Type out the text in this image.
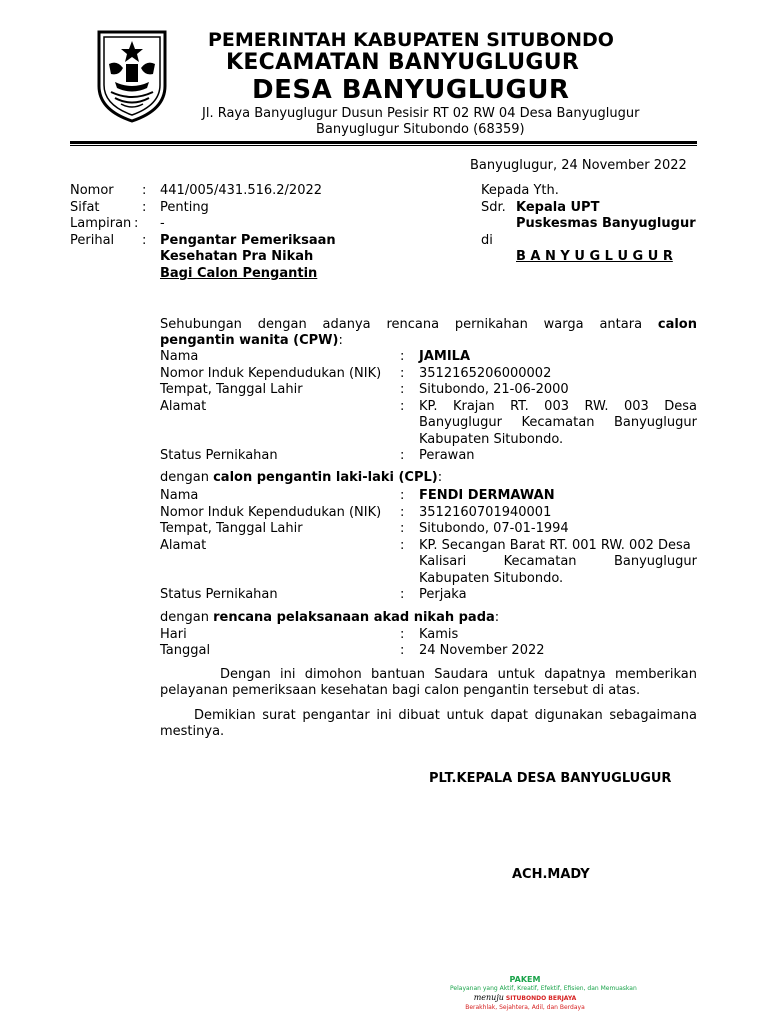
PEMERINTAH KABUPATEN SITUBONDO
KECAMATAN BANYUGLUGUR
DESA BANYUGLUGUR
Jl. Raya Banyuglugur Dusun Pesisir RT 02 RW 04 Desa Banyuglugur
Banyuglugur Situbondo (68359)
Banyuglugur, 24 November 2022
Nomor : 441/005/431.516.2/2022
Sifat	: Penting
Lampiran : -
Perihal : Pengantar Pemeriksaan
Kesehatan Pra Nikah
Bagi Calon Pengantin
Kepada Yth.
Sdr. Kepala UPT
Puskesmas Banyuglugur
di
B A N Y U G L U G U R
Sehubungan dengan adanya rencana pernikahan warga antara calon
pengantin wanita (CPW):
Nama	: JAMILA
Nomor Induk Kependudukan (NIK) : 3512165206000002
Tempat, Tanggal Lahir	: Situbondo, 21-06-2000
Alamat	: KP. Krajan RT. 003 RW. 003 Desa
Banyuglugur Kecamatan Banyuglugur
Kabupaten Situbondo.
Status Pernikahan	: Perawan
dengan calon pengantin laki-laki (CPL):
Nama	: FENDI DERMAWAN
Nomor Induk Kependudukan (NIK) : 3512160701940001
Tempat, Tanggal Lahir	: Situbondo, 07-01-1994
Alamat	: KP. Secangan Barat RT. 001 RW. 002 Desa
Kalisari Kecamatan Banyuglugur
Kabupaten Situbondo.
Status Pernikahan	: Perjaka
dengan rencana pelaksanaan akad nikah pada:
Hari	: Kamis
Tanggal	: 24 November 2022
Dengan ini dimohon bantuan Saudara untuk dapatnya memberikan
pelayanan pemeriksaan kesehatan bagi calon pengantin tersebut di atas.
Demikian surat pengantar ini dibuat untuk dapat digunakan sebagaimana
mestinya.
PLT.KEPALA DESA BANYUGLUGUR
ACH.MADY
PAKEM
Pelayanan yang Aktif, Kreatif, Efektif, Efisien, dan Memuaskan
menuju SITUBONDO BERJAYA
Berakhlak, Sejahtera, Adil, dan Berdaya
